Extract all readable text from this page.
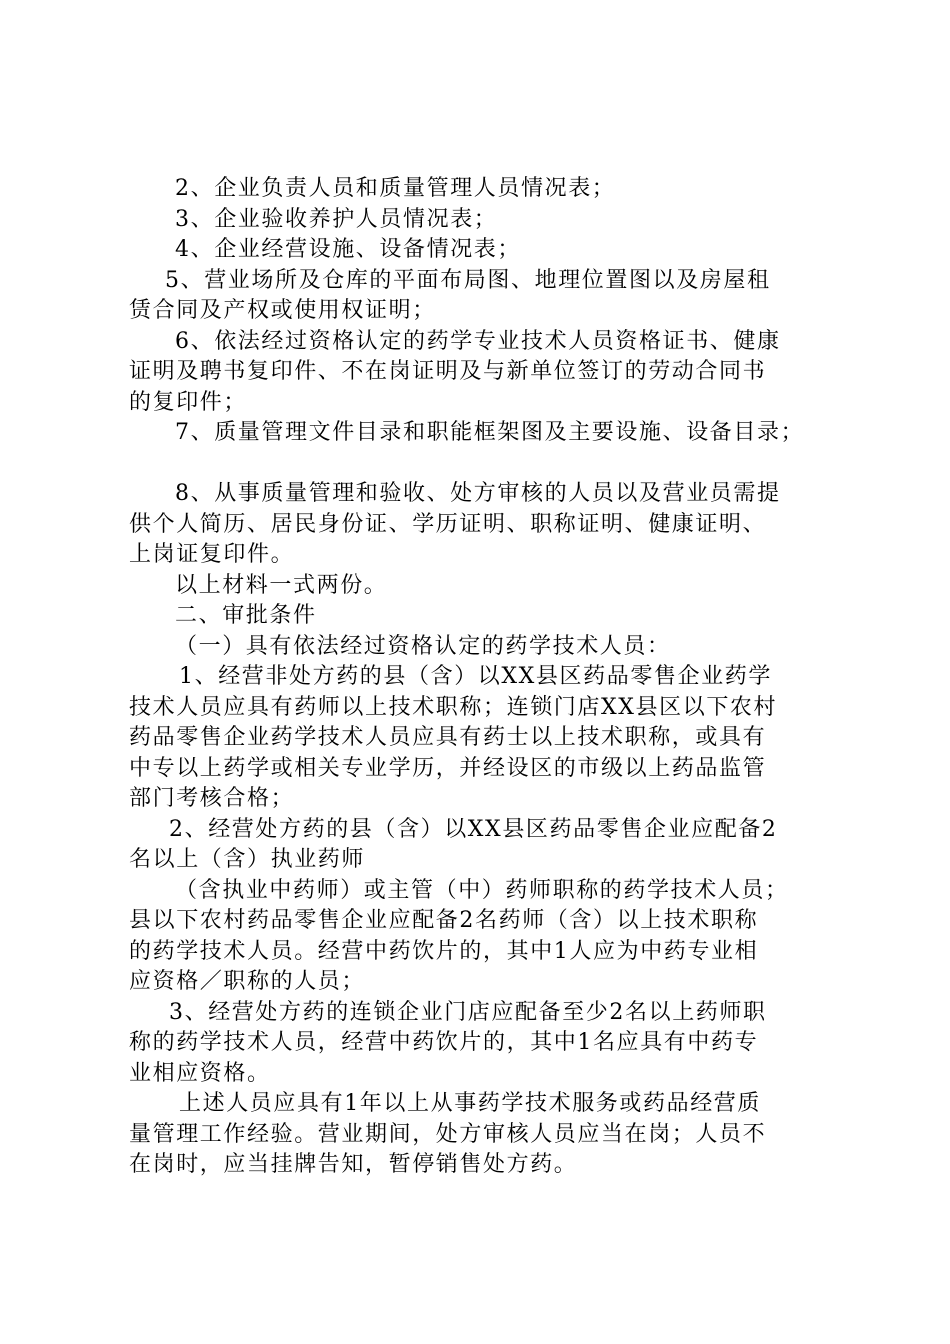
2、企业负责人员和质量管理人员情况表；
3、企业验收养护人员情况表；
4、企业经营设施、设备情况表；
5、营业场所及仓库的平面布局图、地理位置图以及房屋租
赁合同及产权或使用权证明；
6、依法经过资格认定的药学专业技术人员资格证书、健康
证明及聘书复印件、不在岗证明及与新单位签订的劳动合同书
的复印件；
7、质量管理文件目录和职能框架图及主要设施、设备目录；
8、从事质量管理和验收、处方审核的人员以及营业员需提
供个人简历、居民身份证、学历证明、职称证明、健康证明、
上岗证复印件。
以上材料一式两份。
二、审批条件
（一）具有依法经过资格认定的药学技术人员：
1、经营非处方药的县（含）以XX县区药品零售企业药学
技术人员应具有药师以上技术职称；连锁门店XX县区以下农村
药品零售企业药学技术人员应具有药士以上技术职称，或具有
中专以上药学或相关专业学历，并经设区的市级以上药品监管
部门考核合格；
2、经营处方药的县（含）以XX县区药品零售企业应配备2
名以上（含）执业药师
（含执业中药师）或主管（中）药师职称的药学技术人员；
县以下农村药品零售企业应配备2名药师（含）以上技术职称
的药学技术人员。经营中药饮片的，其中1人应为中药专业相
应资格／职称的人员；
3、经营处方药的连锁企业门店应配备至少2名以上药师职
称的药学技术人员，经营中药饮片的，其中1名应具有中药专
业相应资格。
上述人员应具有1年以上从事药学技术服务或药品经营质
量管理工作经验。营业期间，处方审核人员应当在岗；人员不
在岗时，应当挂牌告知，暂停销售处方药。
